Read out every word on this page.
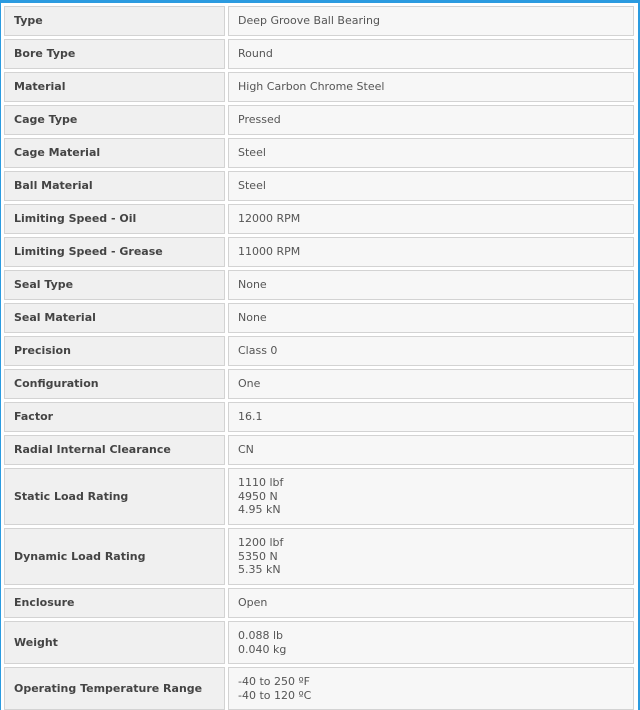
Type	Deep Groove Ball Bearing

Bore Type	Round

Material	High Carbon Chrome Steel

Cage Type	Pressed

Cage Material	Steel

Ball Material	Steel

Limiting Speed - Oil	12000 RPM

Limiting Speed - Grease	11000 RPM

Seal Type	None

Seal Material	None

Precision	Class 0

Configuration	One

Factor	16.1

Radial Internal Clearance	CN

Static Load Rating	1110 lbf
4950 N
4.95 kN

Dynamic Load Rating	1200 lbf
5350 N
5.35 kN

Enclosure	Open

Weight	0.088 lb
0.040 kg

Operating Temperature Range	-40 to 250 ºF
-40 to 120 ºC
